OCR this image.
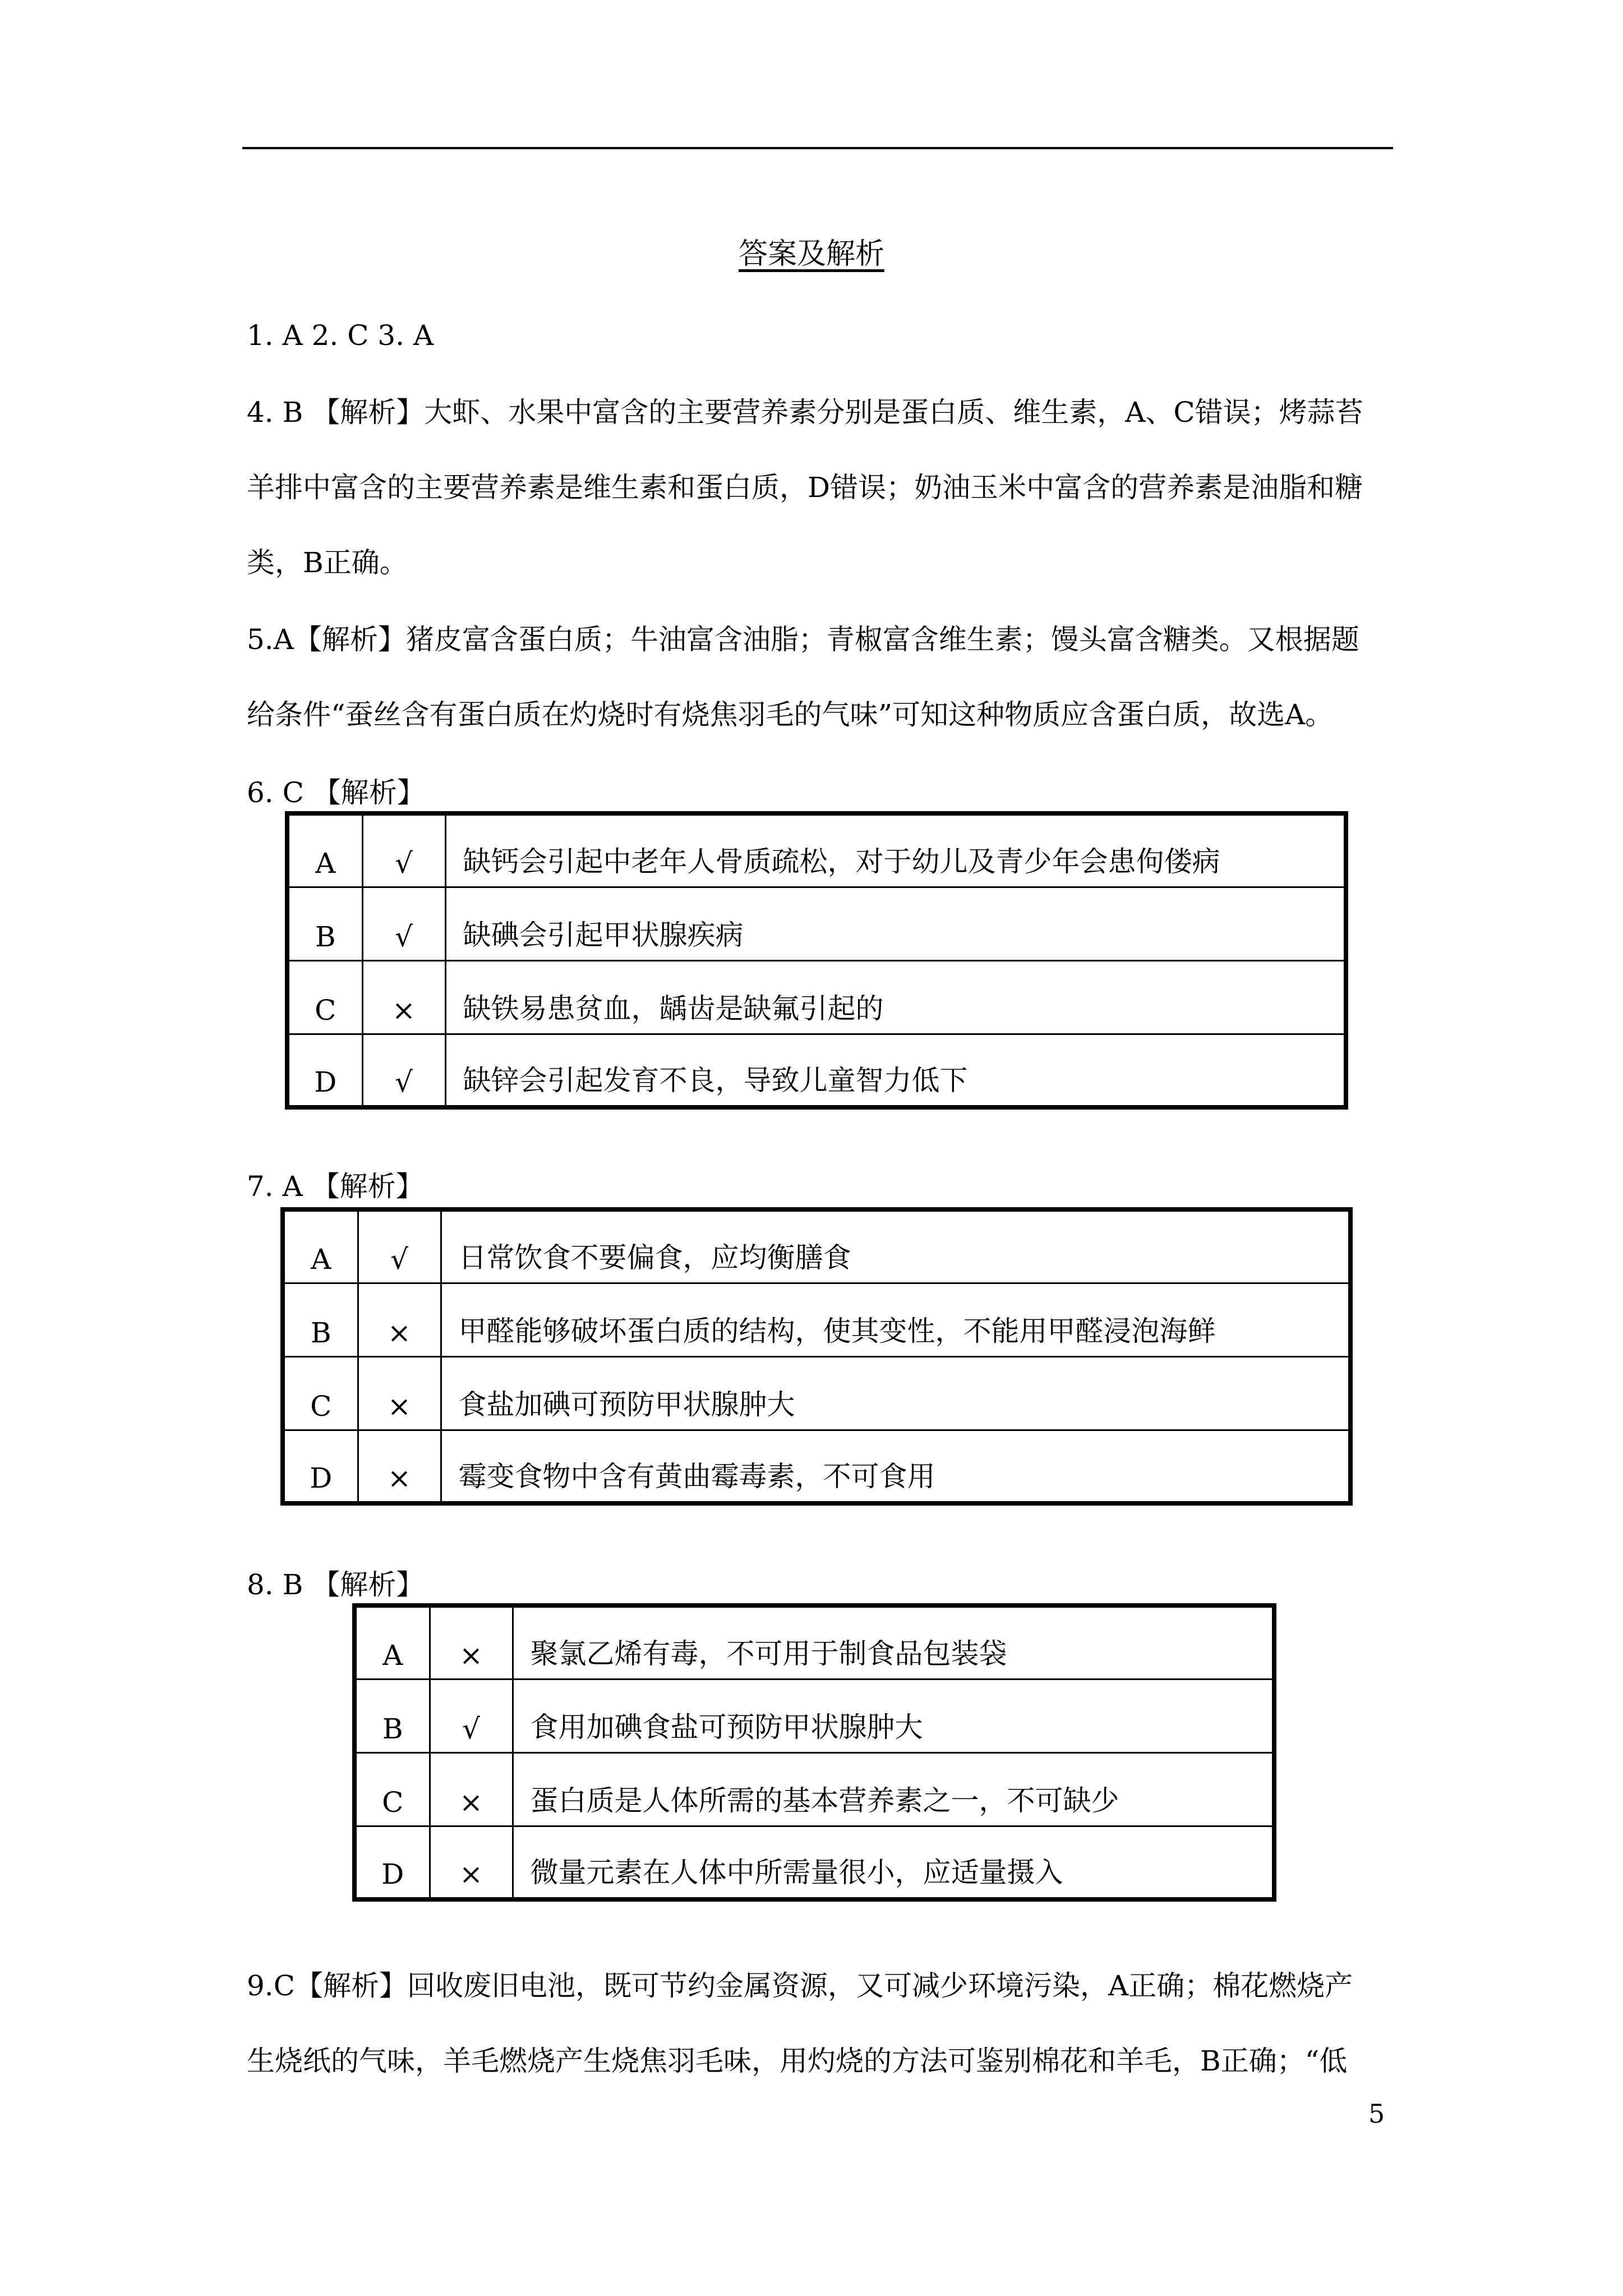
答案及解析
1. A 2. C 3. A
4. B 【解析】大虾、水果中富含的主要营养素分别是蛋白质、维生素，A、C错误；烤蒜苔
羊排中富含的主要营养素是维生素和蛋白质，D错误；奶油玉米中富含的营养素是油脂和糖
类，B正确。
5.A【解析】猪皮富含蛋白质；牛油富含油脂；青椒富含维生素；馒头富含糖类。又根据题
给条件“蚕丝含有蛋白质在灼烧时有烧焦羽毛的气味”可知这种物质应含蛋白质，故选A。
6. C 【解析】
A	√	缺钙会引起中老年人骨质疏松，对于幼儿及青少年会患佝偻病
B	√	缺碘会引起甲状腺疾病
C	×	缺铁易患贫血，龋齿是缺氟引起的
D	√	缺锌会引起发育不良，导致儿童智力低下
7. A 【解析】
A	√	日常饮食不要偏食，应均衡膳食
B	×	甲醛能够破坏蛋白质的结构，使其变性，不能用甲醛浸泡海鲜
C	×	食盐加碘可预防甲状腺肿大
D	×	霉变食物中含有黄曲霉毒素，不可食用
8. B 【解析】
A	×	聚氯乙烯有毒，不可用于制食品包装袋
B	√	食用加碘食盐可预防甲状腺肿大
C	×	蛋白质是人体所需的基本营养素之一，不可缺少
D	×	微量元素在人体中所需量很小，应适量摄入
9.C【解析】回收废旧电池，既可节约金属资源，又可减少环境污染，A正确；棉花燃烧产
生烧纸的气味，羊毛燃烧产生烧焦羽毛味，用灼烧的方法可鉴别棉花和羊毛，B正确；“低
5
